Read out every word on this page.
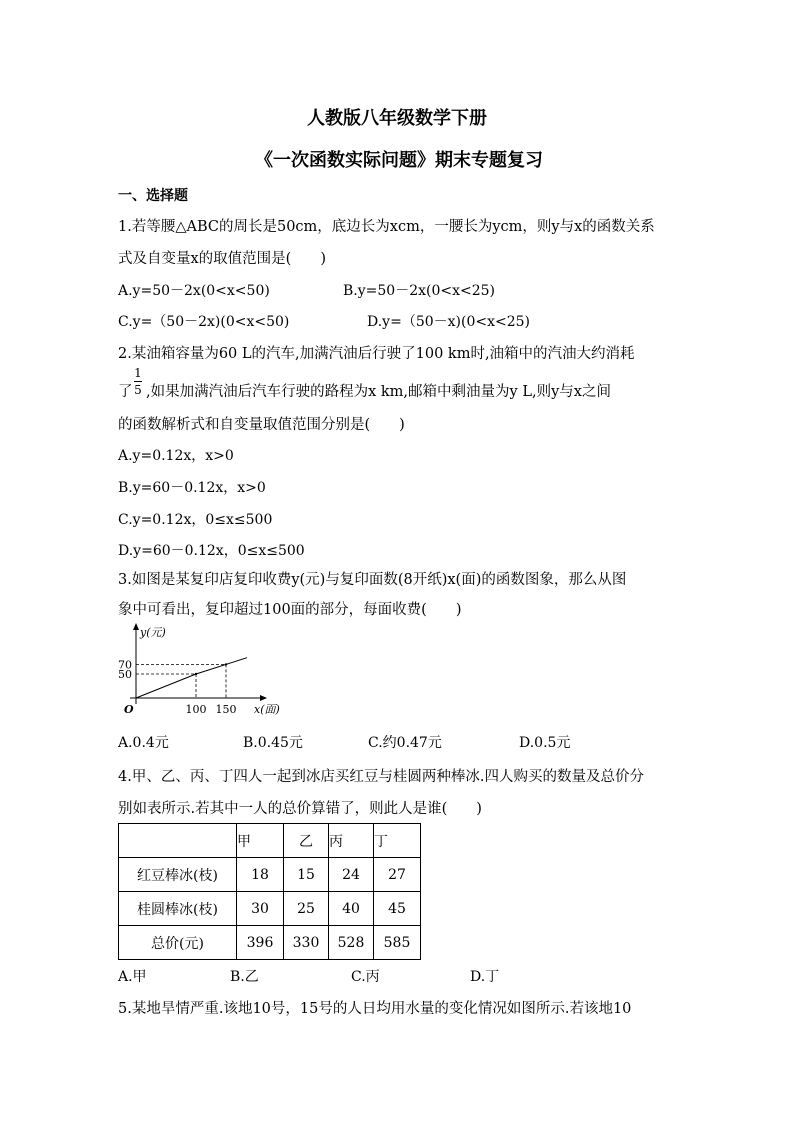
人教版八年级数学下册
《一次函数实际问题》期末专题复习
一、选择题
1.若等腰△ABC的周长是50cm，底边长为xcm，一腰长为ycm，则y与x的函数关系
式及自变量x的取值范围是(　　)
A.y=50－2x(0<x<50)	B.y=50－2x(0<x<25)
C.y=（50－2x)(0<x<50)	D.y=（50－x)(0<x<25)
2.某油箱容量为60 L的汽车,加满汽油后行驶了100 km时,油箱中的汽油大约消耗
了
1
5 ,如果加满汽油后汽车行驶的路程为x km,邮箱中剩油量为y L,则y与x之间
的函数解析式和自变量取值范围分别是(　　)
A.y=0.12x，x>0
B.y=60－0.12x，x>0
C.y=0.12x，0≤x≤500
D.y=60－0.12x，0≤x≤500
3.如图是某复印店复印收费y(元)与复印面数(8开纸)x(面)的函数图象，那么从图
象中可看出，复印超过100面的部分，每面收费(　　)
y(元)
x(面)
O	100 150
50
70
A.0.4元	B.0.45元	C.约0.47元	D.0.5元
4.甲、乙、丙、丁四人一起到冰店买红豆与桂圆两种棒冰.四人购买的数量及总价分
别如表所示.若其中一人的总价算错了，则此人是谁(　　)
	甲	乙	丙	丁
红豆棒冰(枝)	18	15	24	27
桂圆棒冰(枝)	30	25	40	45
总价(元)	396	330	528	585
A.甲	B.乙	C.丙	D.丁
5.某地旱情严重.该地10号，15号的人日均用水量的变化情况如图所示.若该地10
